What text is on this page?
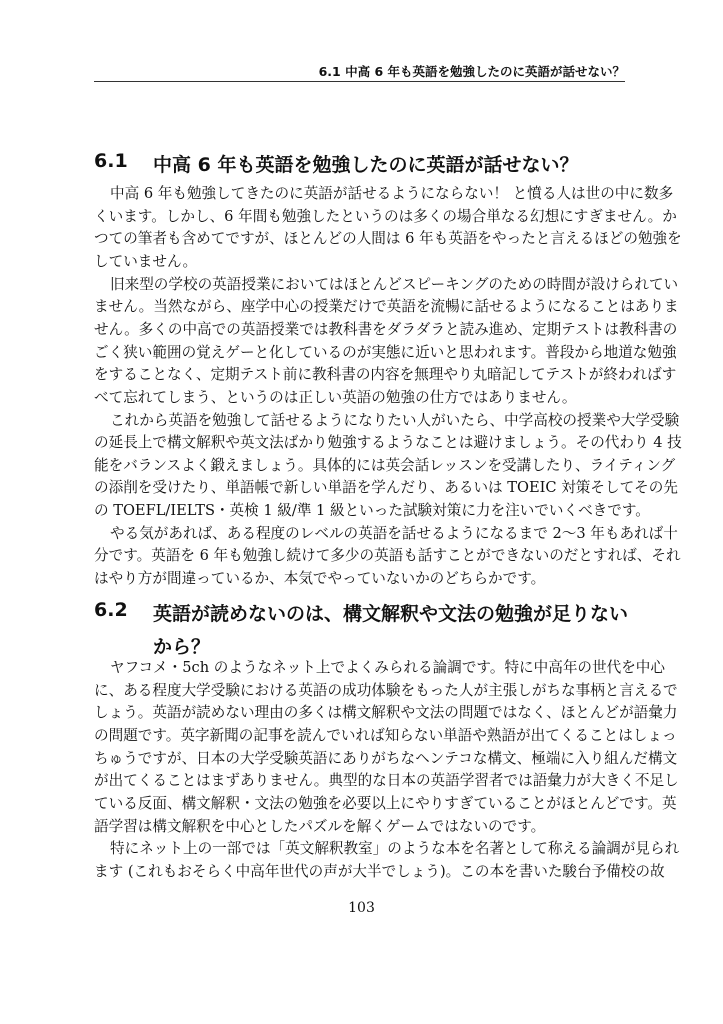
6.1 中高 6 年も英語を勉強したのに英語が話せない？
6.1 中高 6 年も英語を勉強したのに英語が話せない？
中高 6 年も勉強してきたのに英語が話せるようにならない！ と憤る人は世の中に数多
くいます。しかし、6 年間も勉強したというのは多くの場合単なる幻想にすぎません。か
つての筆者も含めてですが、ほとんどの人間は 6 年も英語をやったと言えるほどの勉強を
していません。
旧来型の学校の英語授業においてはほとんどスピーキングのための時間が設けられてい
ません。当然ながら、座学中心の授業だけで英語を流暢に話せるようになることはありま
せん。多くの中高での英語授業では教科書をダラダラと読み進め、定期テストは教科書の
ごく狭い範囲の覚えゲーと化しているのが実態に近いと思われます。普段から地道な勉強
をすることなく、定期テスト前に教科書の内容を無理やり丸暗記してテストが終わればす
べて忘れてしまう、というのは正しい英語の勉強の仕方ではありません。
これから英語を勉強して話せるようになりたい人がいたら、中学高校の授業や大学受験
の延長上で構文解釈や英文法ばかり勉強するようなことは避けましょう。その代わり 4 技
能をバランスよく鍛えましょう。具体的には英会話レッスンを受講したり、ライティング
の添削を受けたり、単語帳で新しい単語を学んだり、あるいは TOEIC 対策そしてその先
の TOEFL/IELTS・英検 1 級/準 1 級といった試験対策に力を注いでいくべきです。
やる気があれば、ある程度のレベルの英語を話せるようになるまで 2〜3 年もあれば十
分です。英語を 6 年も勉強し続けて多少の英語も話すことができないのだとすれば、それ
はやり方が間違っているか、本気でやっていないかのどちらかです。
6.2 英語が読めないのは、構文解釈や文法の勉強が足りない
から？
ヤフコメ・5ch のようなネット上でよくみられる論調です。特に中高年の世代を中心
に、ある程度大学受験における英語の成功体験をもった人が主張しがちな事柄と言えるで
しょう。英語が読めない理由の多くは構文解釈や文法の問題ではなく、ほとんどが語彙力
の問題です。英字新聞の記事を読んでいれば知らない単語や熟語が出てくることはしょっ
ちゅうですが、日本の大学受験英語にありがちなヘンテコな構文、極端に入り組んだ構文
が出てくることはまずありません。典型的な日本の英語学習者では語彙力が大きく不足し
ている反面、構文解釈・文法の勉強を必要以上にやりすぎていることがほとんどです。英
語学習は構文解釈を中心としたパズルを解くゲームではないのです。
特にネット上の一部では「英文解釈教室」のような本を名著として称える論調が見られ
ます (これもおそらく中高年世代の声が大半でしょう)。この本を書いた駿台予備校の故
103
